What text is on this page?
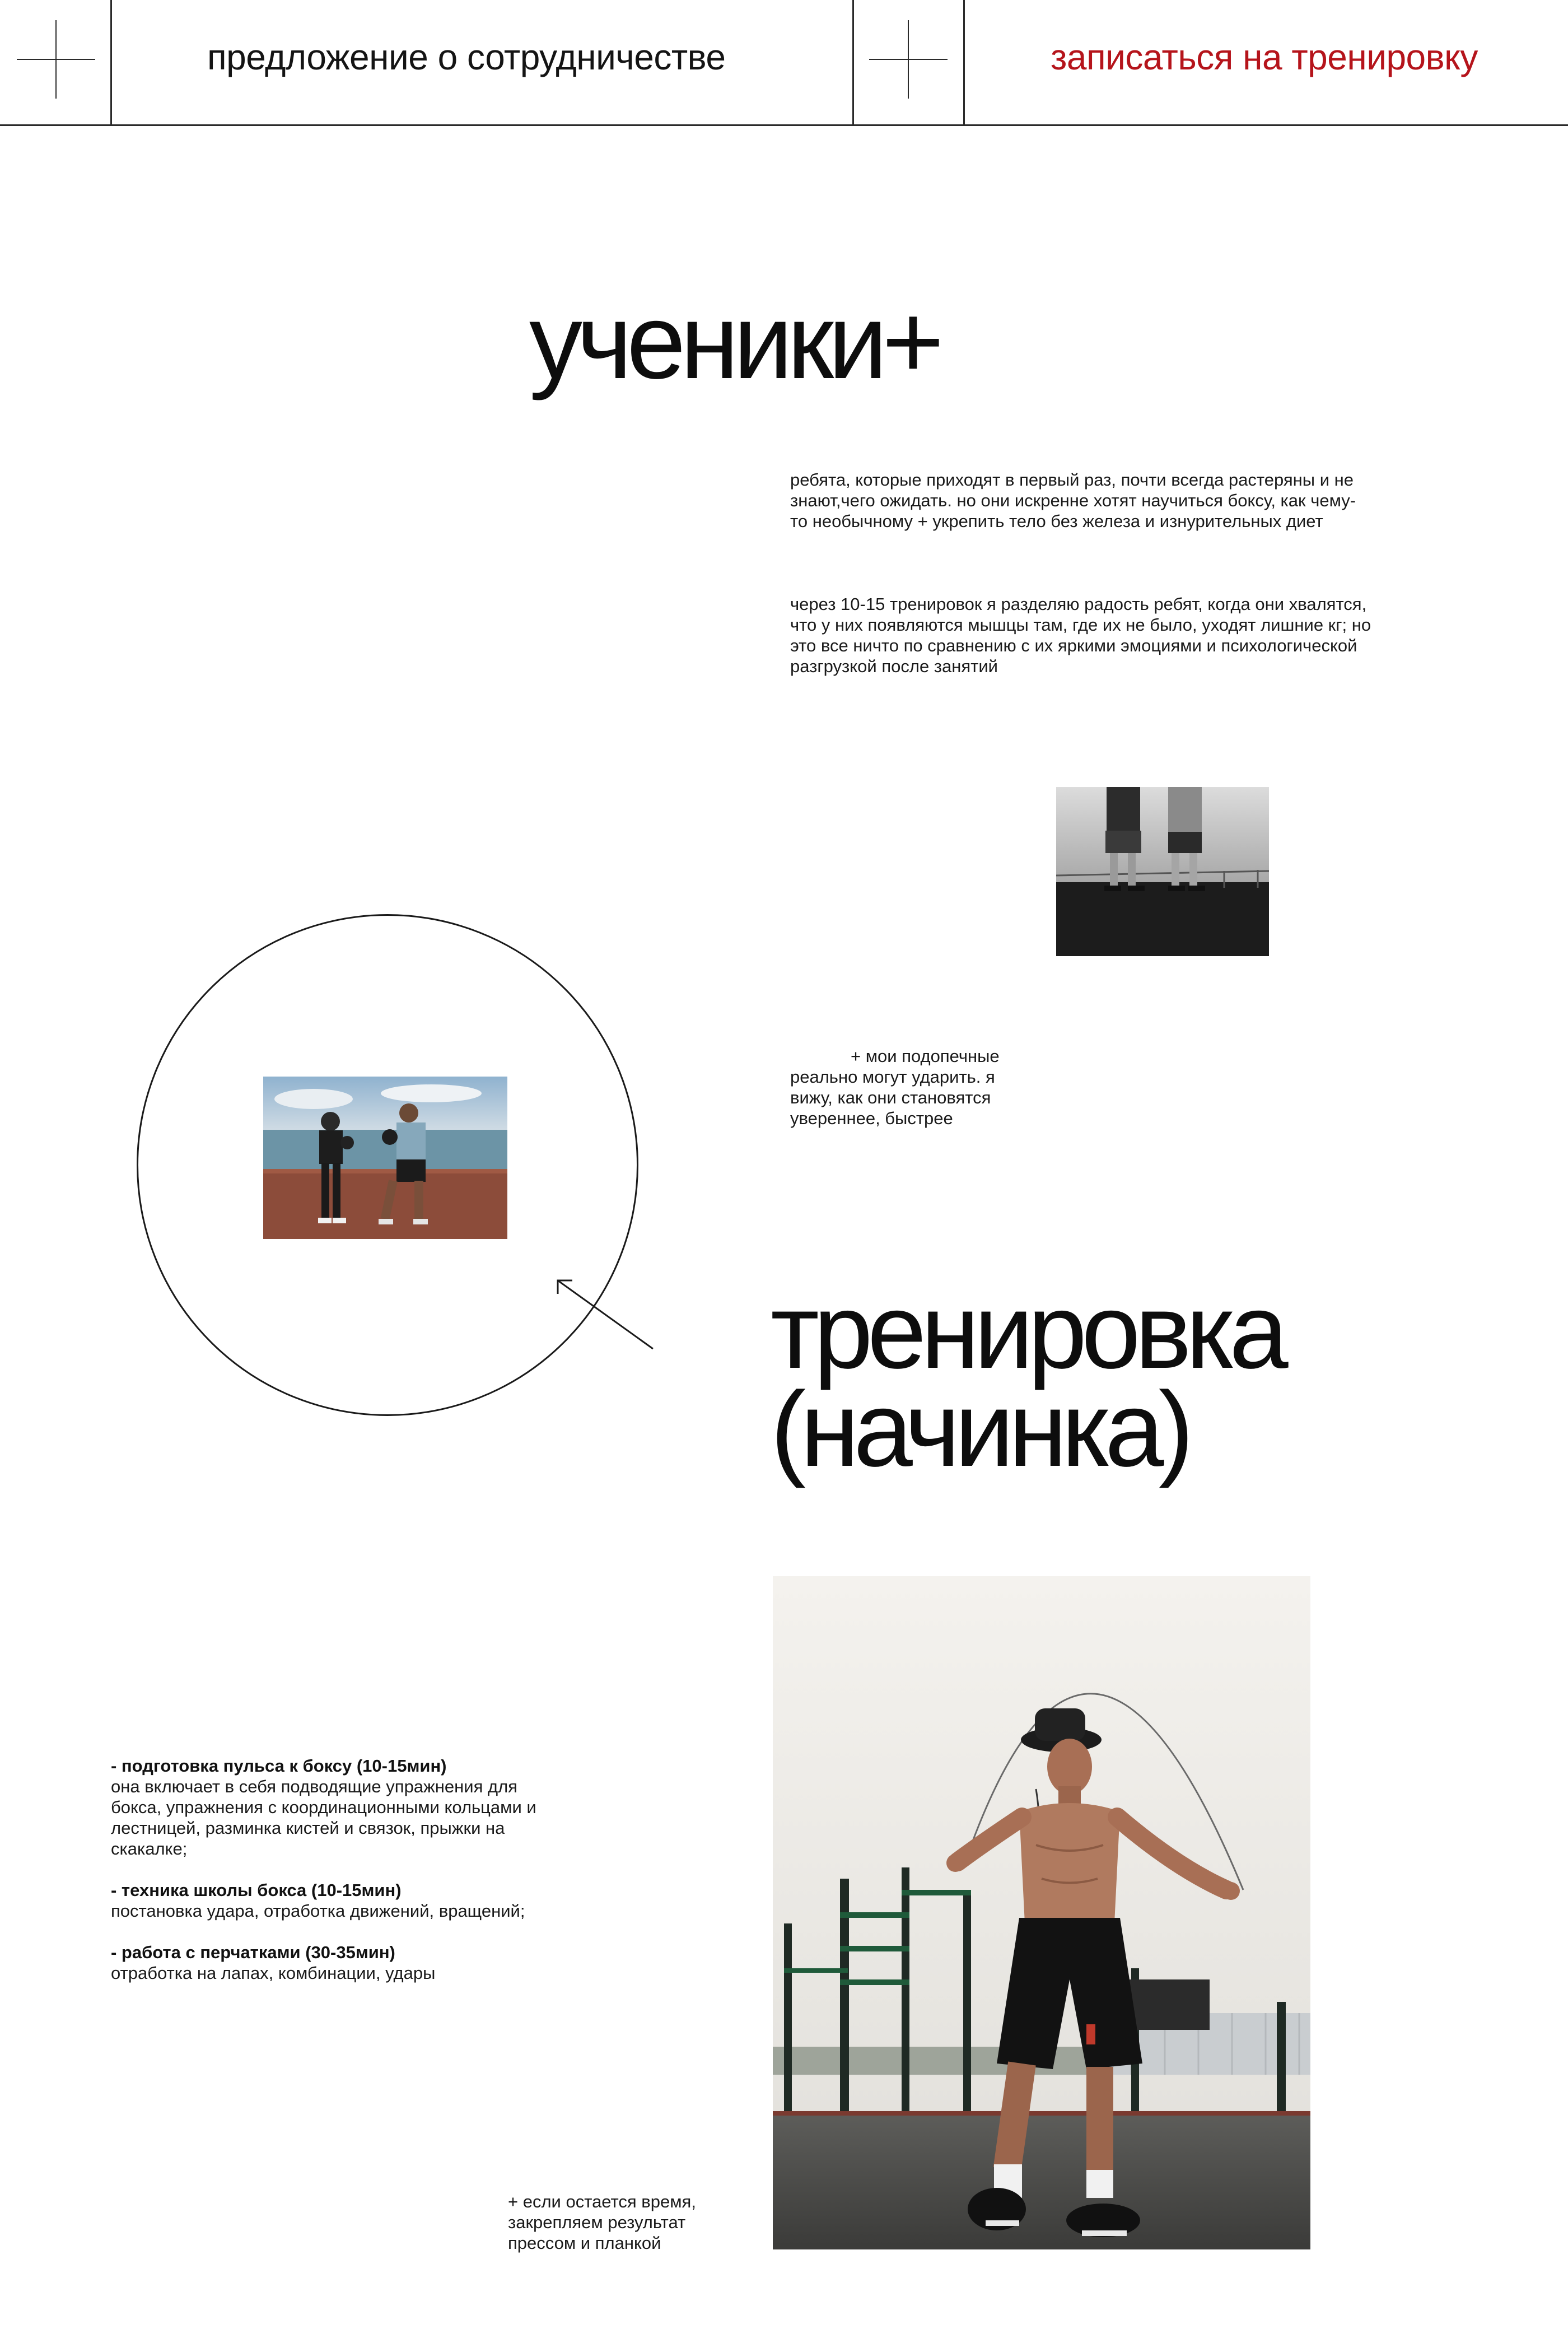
предложение о сотрудничестве	записаться на тренировку
ученики+

ребята, которые приходят в первый раз, почти всегда растеряны и не знают,чего ожидать. но они искренне хотят научиться боксу, как чему-то необычному + укрепить тело без железа и изнурительных диет

через 10-15 тренировок я разделяю радость ребят, когда они хвалятся, что у них появляются мышцы там, где их не было, уходят лишние кг; но это все ничто по сравнению с их яркими эмоциями и психологической разгрузкой после занятий

+ мои подопечные реально могут ударить. я вижу, как они становятся увереннее, быстрее

тренировка
(начинка)
- подготовка пульса к боксу (10-15мин)
она включает в себя подводящие упражнения для бокса, упражнения с координационными кольцами и лестницей, разминка кистей и связок, прыжки на скакалке;
- техника школы бокса (10-15мин)
постановка удара, отработка движений, вращений;
- работа с перчатками (30-35мин)
отработка на лапах, комбинации, удары

+ если остается время, закрепляем результат прессом и планкой
